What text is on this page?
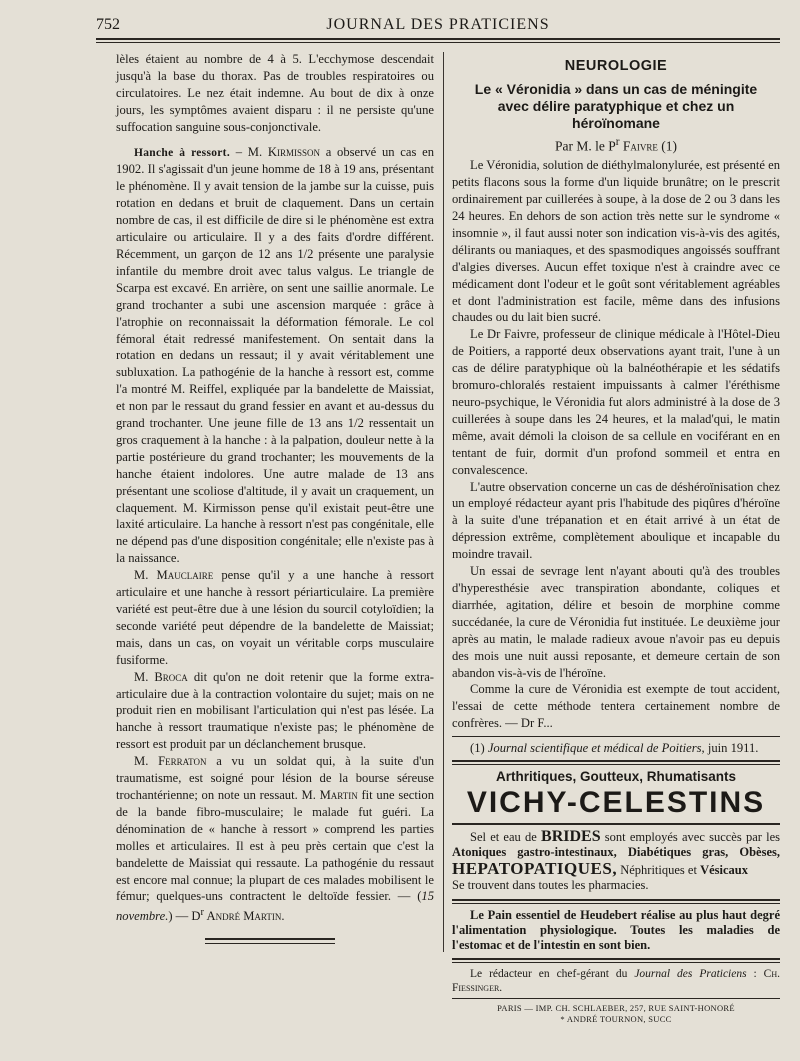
752	JOURNAL DES PRATICIENS

lèles étaient au nombre de 4 à 5. L'ecchymose descendait jusqu'à la base du thorax. Pas de troubles respiratoires ou circulatoires. Le nez était indemne. Au bout de dix à onze jours, les symptômes avaient disparu : il ne persiste qu'une suffocation sanguine sous-conjonctivale.

Hanche à ressort. – M. Kirmisson a observé un cas en 1902. Il s'agissait d'un jeune homme de 18 à 19 ans, présentant le phénomène. Il y avait tension de la jambe sur la cuisse, puis rotation en dedans et bruit de claquement. Dans un certain nombre de cas, il est difficile de dire si le phénomène est extra articulaire ou articulaire. Il y a des faits d'ordre différent. Récemment, un garçon de 12 ans 1/2 présente une paralysie infantile du membre droit avec talus valgus. Le triangle de Scarpa est excavé. En arrière, on sent une saillie anormale. Le grand trochanter a subi une ascension marquée : grâce à l'atrophie on reconnaissait la déformation fémorale. Le col fémoral était redressé manifestement. On sentait dans la rotation en dedans un ressaut; il y avait véritablement une subluxation. La pathogénie de la hanche à ressort est, comme l'a montré M. Reiffel, expliquée par la bandelette de Maissiat, et non par le ressaut du grand fessier en avant et au-dessus du grand trochanter. Une jeune fille de 13 ans 1/2 ressentait un gros craquement à la hanche : à la palpation, douleur nette à la partie postérieure du grand trochanter; les mouvements de la hanche étaient indolores. Une autre malade de 13 ans présentant une scoliose d'altitude, il y avait un craquement, un claquement. M. Kirmisson pense qu'il existait peut-être une laxité articulaire. La hanche à ressort n'est pas congénitale, elle ne dépend pas d'une disposition congénitale; elle n'existe pas à la naissance.

M. Mauclaire pense qu'il y a une hanche à ressort articulaire et une hanche à ressort périarticulaire. La première variété est peut-être due à une lésion du sourcil cotyloïdien; la seconde variété peut dépendre de la bandelette de Maissiat; mais, dans un cas, on voyait un véritable corps musculaire fusiforme.

M. Broca dit qu'on ne doit retenir que la forme extra-articulaire due à la contraction volontaire du sujet; mais on ne produit rien en mobilisant l'articulation qui n'est pas lésée. La hanche à ressort traumatique n'existe pas; le phénomène de ressort est produit par un déclanchement brusque.

M. Ferraton a vu un soldat qui, à la suite d'un traumatisme, est soigné pour lésion de la bourse séreuse trochantérienne; on note un ressaut. M. Martin fit une section de la bande fibro-musculaire; le malade fut guéri. La dénomination de « hanche à ressort » comprend les parties molles et articulaires. Il est à peu près certain que c'est la bandelette de Maissiat qui ressaute. La pathogénie du ressaut est encore mal connue; la plupart de ces malades mobilisent le fémur; quelques-uns contractent le deltoïde fessier. — (15 novembre.) — $D^r$ André Martin.

NEUROLOGIE
Le « Véronidia » dans un cas de méningite
avec délire paratyphique et chez un héroïnomane
Par M. le $P^r$ Faivre (1)

Le Véronidia, solution de diéthylmalonylurée, est présenté en petits flacons sous la forme d'un liquide brunâtre; on le prescrit ordinairement par cuillerées à soupe, à la dose de 2 ou 3 dans les 24 heures. En dehors de son action très nette sur le syndrome « insomnie », il faut aussi noter son indication vis-à-vis des agités, délirants ou maniaques, et des spasmodiques angoissés souffrant d'algies diverses. Aucun effet toxique n'est à craindre avec ce médicament dont l'odeur et le goût sont véritablement agréables et dont l'administration est facile, même dans des infusions chaudes ou du lait bien sucré.

Le Dr Faivre, professeur de clinique médicale à l'Hôtel-Dieu de Poitiers, a rapporté deux observations ayant trait, l'une à un cas de délire paratyphique où la balnéothérapie et les sédatifs bromuro-chloralés restaient impuissants à calmer l'éréthisme neuro-psychique, le Véronidia fut alors administré à la dose de 3 cuillerées à soupe dans les 24 heures, et la malad'qui, le matin même, avait démoli la cloison de sa cellule en vociférant en en tentant de fuir, dormit d'un profond sommeil et entra en convalescence.

L'autre observation concerne un cas de déshéroïnisation chez un employé rédacteur ayant pris l'habitude des piqûres d'héroïne à la suite d'une trépanation et en était arrivé à un état de dépression extrême, complètement aboulique et incapable du moindre travail.

Un essai de sevrage lent n'ayant abouti qu'à des troubles d'hyperesthésie avec transpiration abondante, coliques et diarrhée, agitation, délire et besoin de morphine comme succédanée, la cure de Véronidia fut instituée. Le deuxième jour après au matin, le malade radieux avoue n'avoir pas eu depuis des mois une nuit aussi reposante, et demeure certain de son abandon vis-à-vis de l'héroïne.

Comme la cure de Véronidia est exempte de tout accident, l'essai de cette méthode tentera certainement nombre de confrères. — Dr F...

(1) Journal scientifique et médical de Poitiers, juin 1911.

Arthritiques, Goutteux, Rhumatisants
VICHY-CELESTINS

Sel et eau de BRIDES sont employés avec succès par les Atoniques gastro-intestinaux, Diabétiques gras, Obèses, HEPATOPATIQUES, Néphritiques et Vésicaux
Se trouvent dans toutes les pharmacies.

Le Pain essentiel de Heudebert réalise au plus haut degré l'alimentation physiologique. Toutes les maladies de l'estomac et de l'intestin en sont bien.

Le rédacteur en chef-gérant du Journal des Praticiens : Ch. Fiessinger.

PARIS — IMP. CH. SCHLAEBER, 257, RUE SAINT-HONORÉ
* ANDRÉ TOURNON, SUCC
